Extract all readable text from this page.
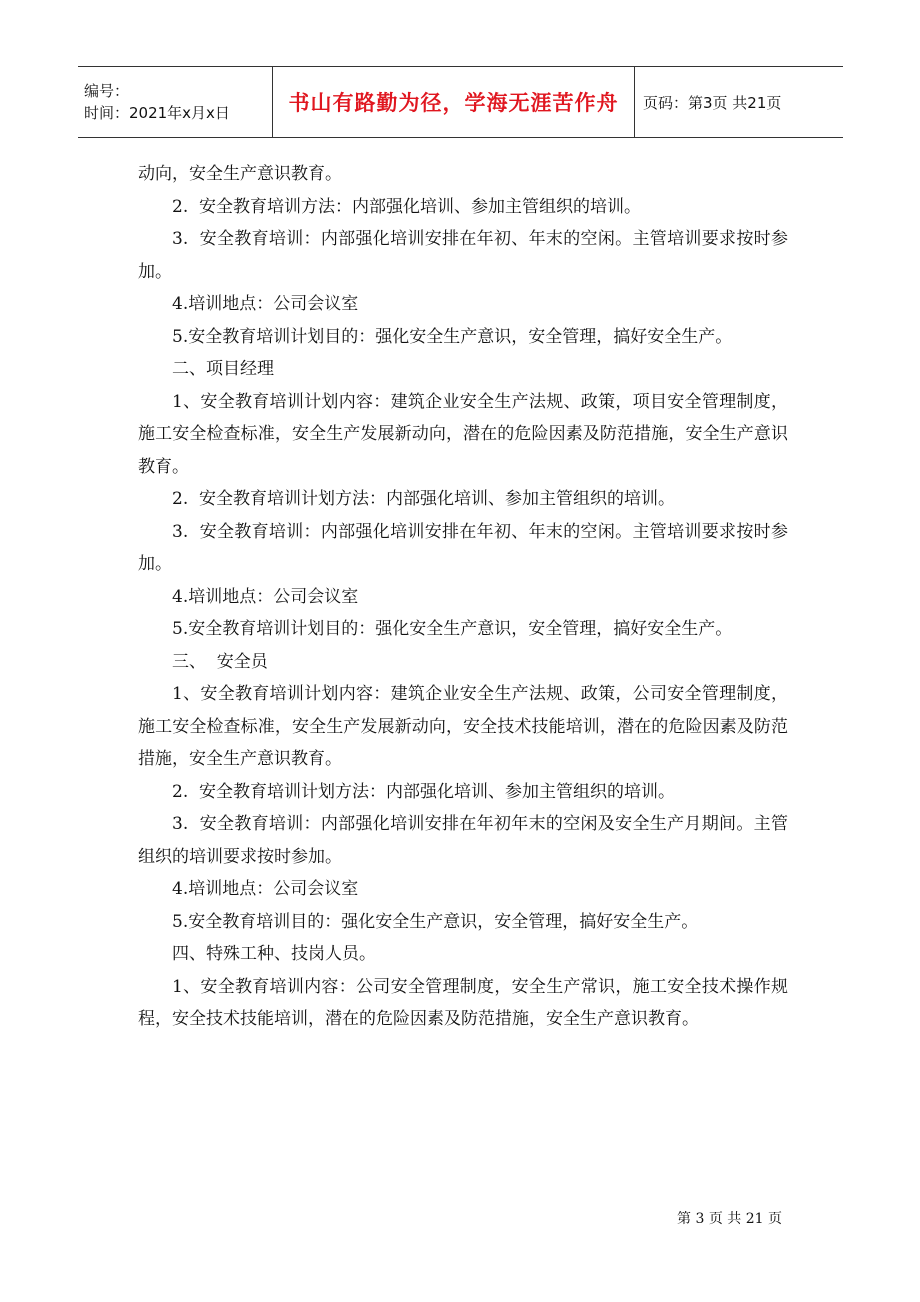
编号：
时间：2021年x月x日	书山有路勤为径，学海无涯苦作舟 页码：第3页 共21页

动向，安全生产意识教育。

2.  安全教育培训方法：内部强化培训、参加主管组织的培训。

3.  安全教育培训：内部强化培训安排在年初、年末的空闲。主管培训要求按时参加。

4.培训地点：公司会议室

5.安全教育培训计划目的：强化安全生产意识，安全管理，搞好安全生产。

二、项目经理

1、安全教育培训计划内容：建筑企业安全生产法规、政策，项目安全管理制度，施工安全检查标准，安全生产发展新动向，潜在的危险因素及防范措施，安全生产意识教育。

2.  安全教育培训计划方法：内部强化培训、参加主管组织的培训。

3.  安全教育培训：内部强化培训安排在年初、年末的空闲。主管培训要求按时参加。

4.培训地点：公司会议室

5.安全教育培训计划目的：强化安全生产意识，安全管理，搞好安全生产。

三、  安全员

1、安全教育培训计划内容：建筑企业安全生产法规、政策，公司安全管理制度，施工安全检查标准，安全生产发展新动向，安全技术技能培训，潜在的危险因素及防范措施，安全生产意识教育。

2.  安全教育培训计划方法：内部强化培训、参加主管组织的培训。

3.  安全教育培训：内部强化培训安排在年初年末的空闲及安全生产月期间。主管组织的培训要求按时参加。

4.培训地点：公司会议室

5.安全教育培训目的：强化安全生产意识，安全管理，搞好安全生产。

四、特殊工种、技岗人员。

1、安全教育培训内容：公司安全管理制度，安全生产常识，施工安全技术操作规程，安全技术技能培训，潜在的危险因素及防范措施，安全生产意识教育。

第 3 页 共 21 页
